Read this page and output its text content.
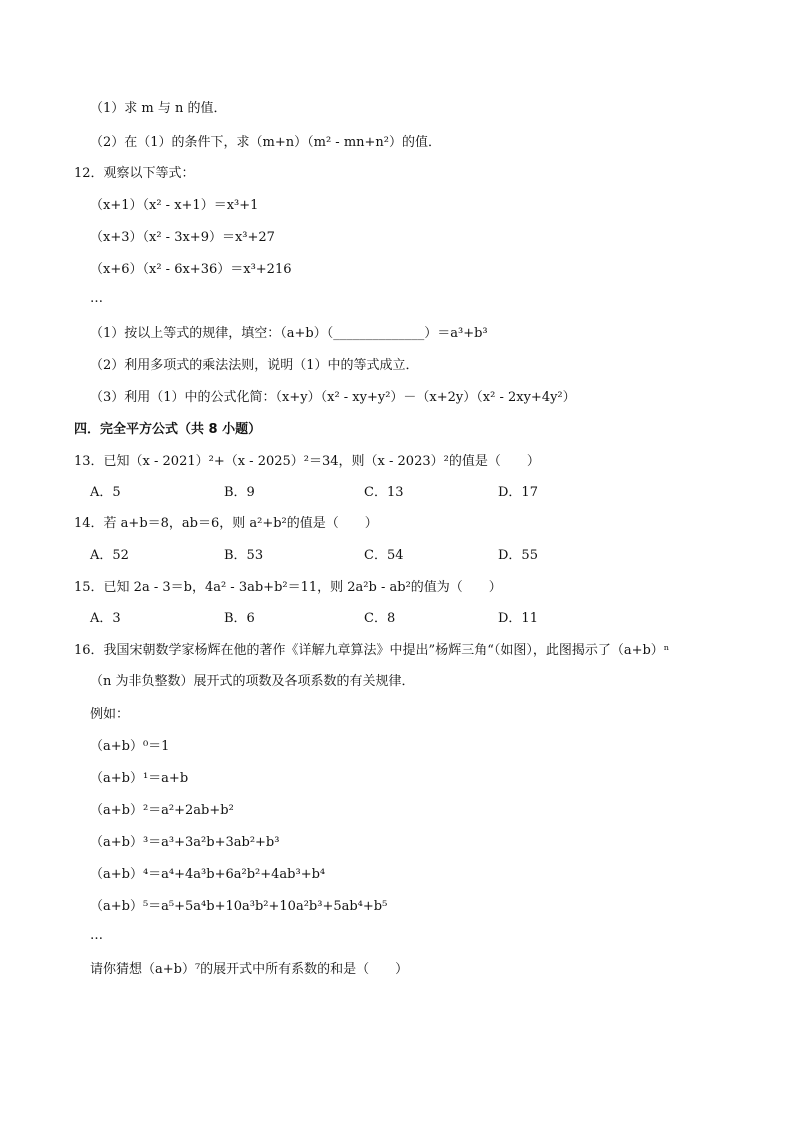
（1）求 m 与 n 的值．
（2）在（1）的条件下，求（m+n）（m² - mn+n²）的值．
12．观察以下等式：
（x+1）（x² - x+1）＝x³+1
（x+3）（x² - 3x+9）＝x³+27
（x+6）（x² - 6x+36）＝x³+216
…
（1）按以上等式的规律，填空：（a+b）（______________）＝a³+b³
（2）利用多项式的乘法法则，说明（1）中的等式成立．
（3）利用（1）中的公式化简：（x+y）（x² - xy+y²）－（x+2y）（x² - 2xy+4y²）
四．完全平方公式（共 8 小题）
13．已知（x - 2021）²+（x - 2025）²＝34，则（x - 2023）²的值是（　　）
14．若 a+b＝8，ab＝6，则 a²+b²的值是（　　）
15．已知 2a - 3＝b，4a² - 3ab+b²＝11，则 2a²b - ab²的值为（　　）
16．我国宋朝数学家杨辉在他的著作《详解九章算法》中提出”杨辉三角“（如图），此图揭示了（a+b）ⁿ
（n 为非负整数）展开式的项数及各项系数的有关规律．
例如：
（a+b）⁰＝1
（a+b）¹＝a+b
（a+b）²＝a²+2ab+b²
（a+b）³＝a³+3a²b+3ab²+b³
（a+b）⁴＝a⁴+4a³b+6a²b²+4ab³+b⁴
（a+b）⁵＝a⁵+5a⁴b+10a³b²+10a²b³+5ab⁴+b⁵
…
请你猜想（a+b）⁷的展开式中所有系数的和是（　　）
A．5	B．9	C．13	D．17
A．52	B．53	C．54	D．55
A．3	B．6	C．8	D．11
